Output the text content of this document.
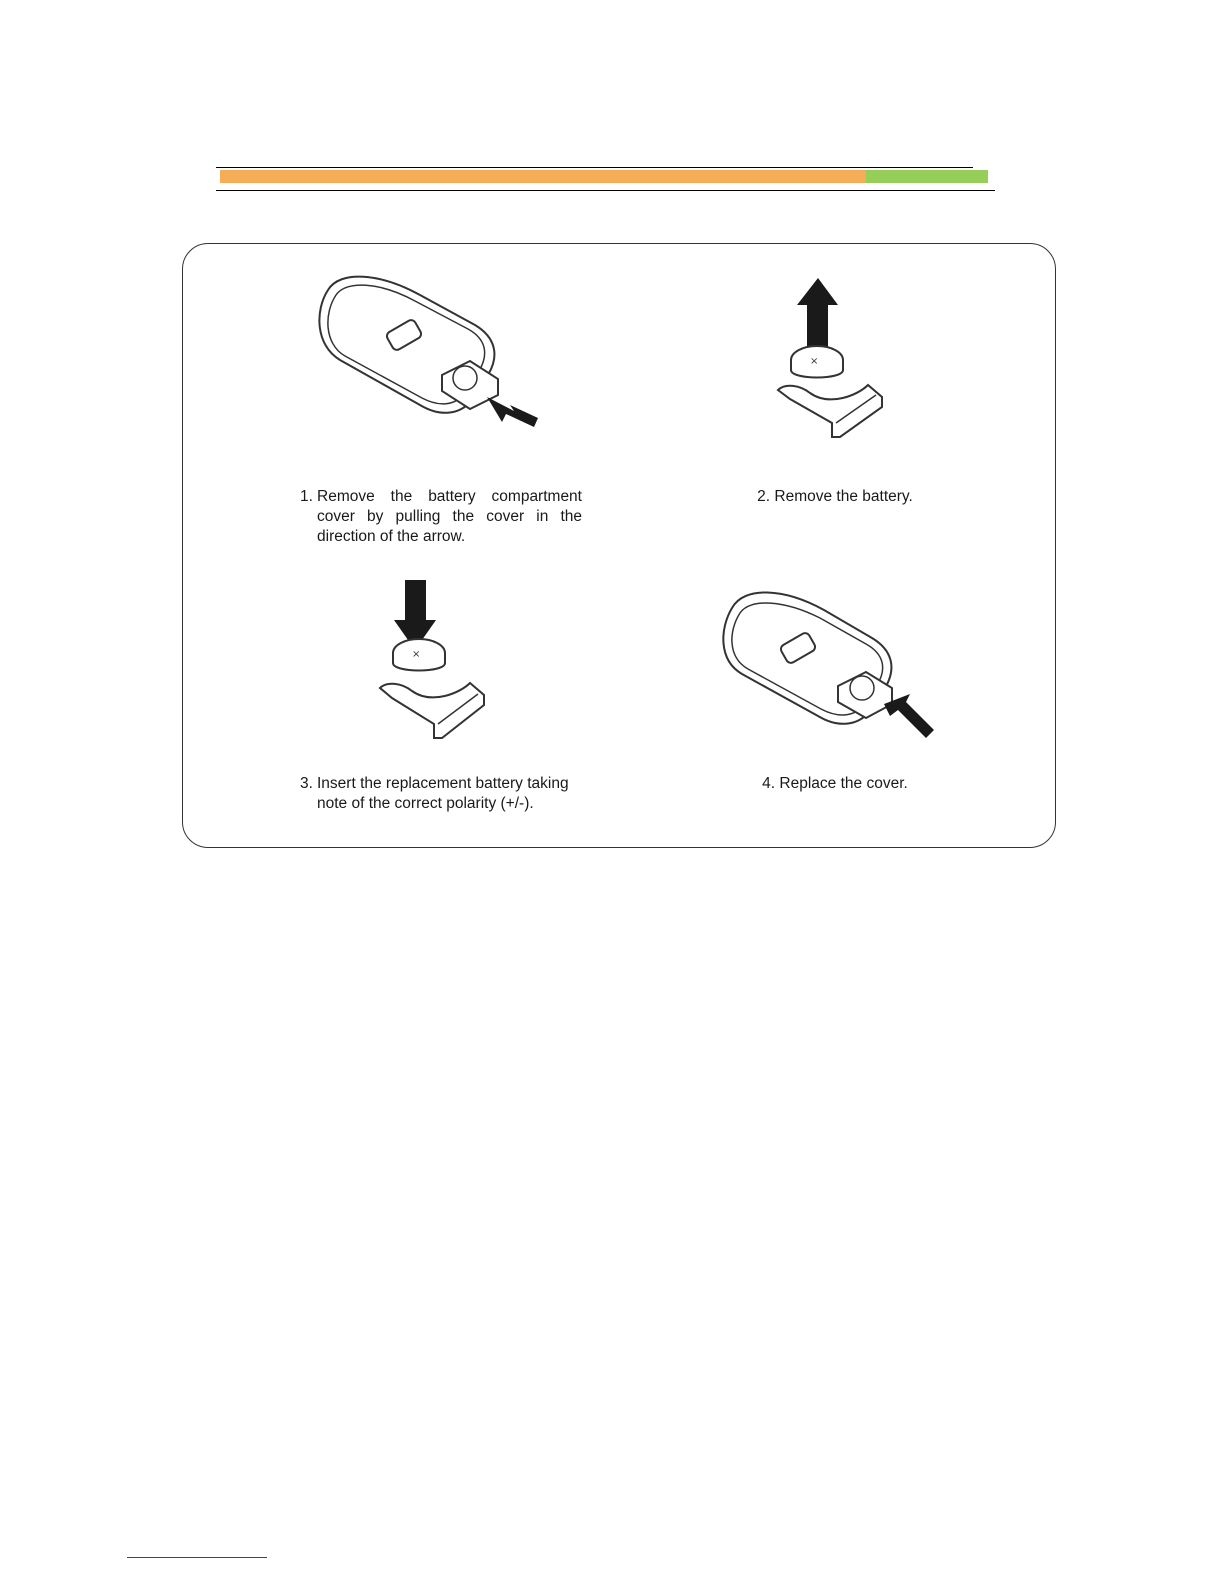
×
1. Remove the battery compartment cover by pulling the cover in the direction of the arrow.
2. Remove the battery.
×
3. Insert the replacement battery taking note of the correct polarity (+/-).
4. Replace the cover.
